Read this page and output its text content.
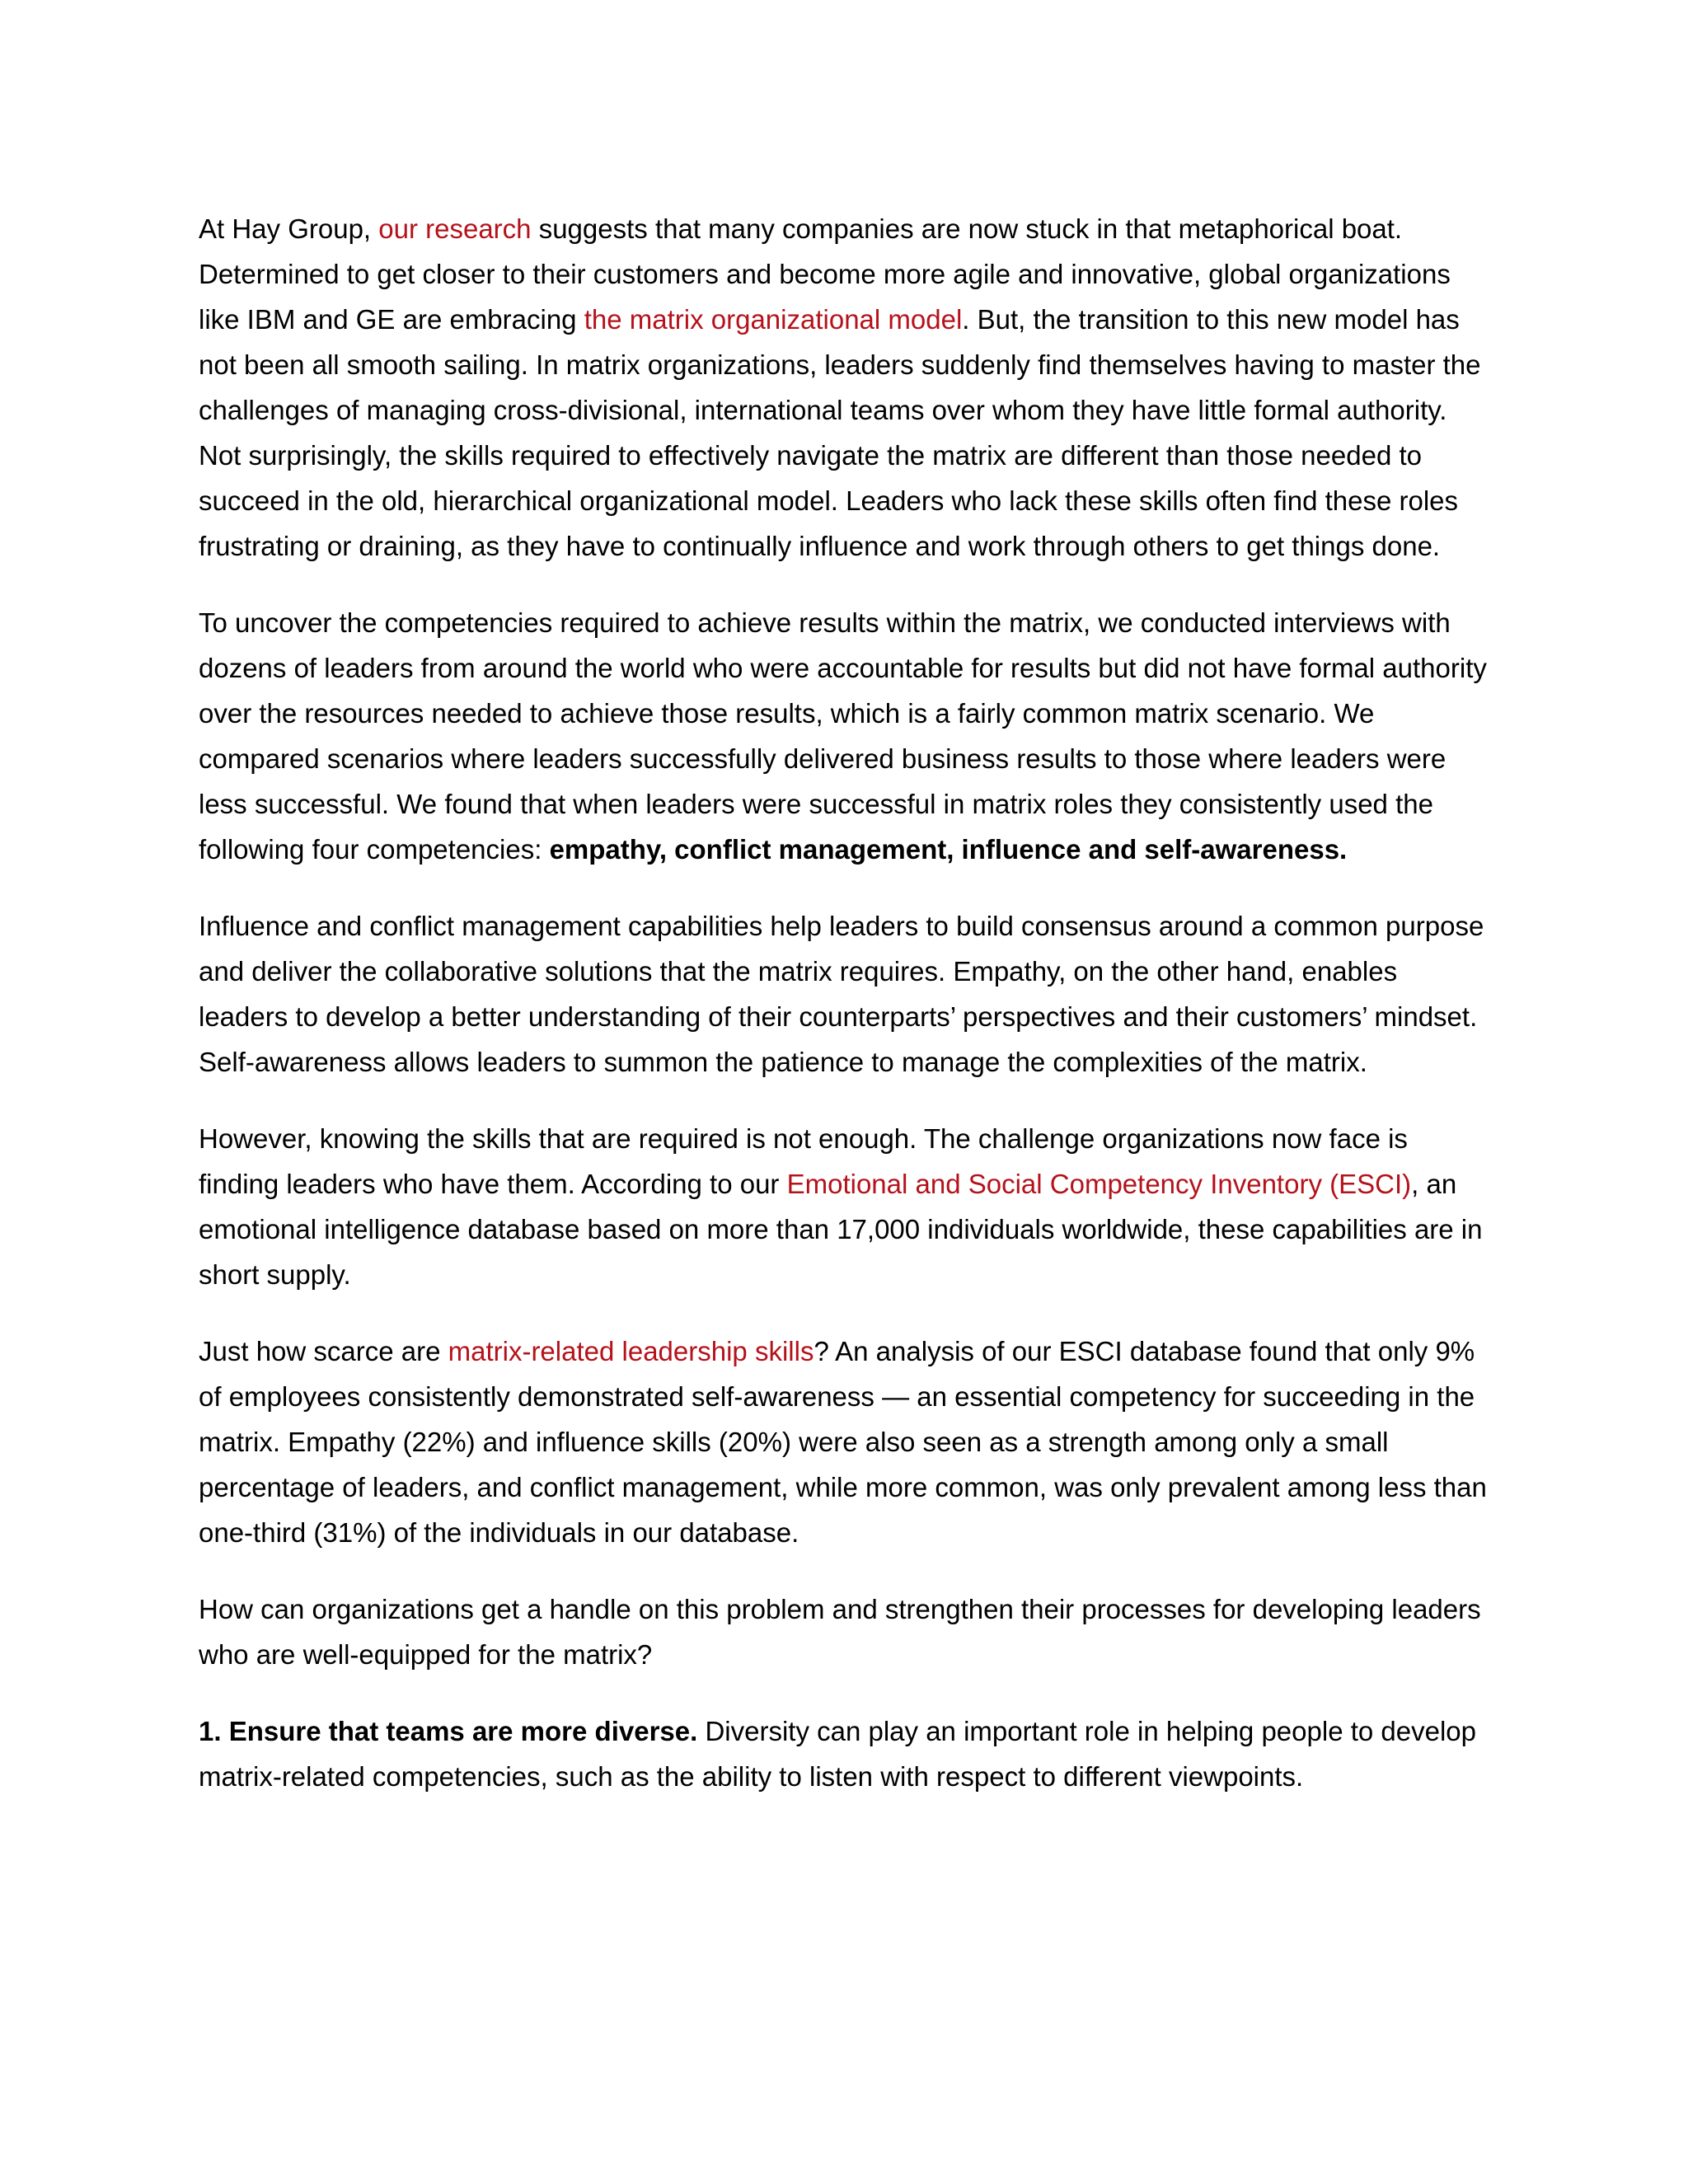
At Hay Group, our research suggests that many companies are now stuck in that metaphorical boat. Determined to get closer to their customers and become more agile and innovative, global organizations like IBM and GE are embracing the matrix organizational model. But, the transition to this new model has not been all smooth sailing. In matrix organizations, leaders suddenly find themselves having to master the challenges of managing cross-divisional, international teams over whom they have little formal authority. Not surprisingly, the skills required to effectively navigate the matrix are different than those needed to succeed in the old, hierarchical organizational model. Leaders who lack these skills often find these roles frustrating or draining, as they have to continually influence and work through others to get things done.

To uncover the competencies required to achieve results within the matrix, we conducted interviews with dozens of leaders from around the world who were accountable for results but did not have formal authority over the resources needed to achieve those results, which is a fairly common matrix scenario. We compared scenarios where leaders successfully delivered business results to those where leaders were less successful. We found that when leaders were successful in matrix roles they consistently used the following four competencies: empathy, conflict management, influence and self-awareness.

Influence and conflict management capabilities help leaders to build consensus around a common purpose and deliver the collaborative solutions that the matrix requires. Empathy, on the other hand, enables leaders to develop a better understanding of their counterparts’ perspectives and their customers’ mindset. Self-awareness allows leaders to summon the patience to manage the complexities of the matrix.

However, knowing the skills that are required is not enough. The challenge organizations now face is finding leaders who have them. According to our Emotional and Social Competency Inventory (ESCI), an emotional intelligence database based on more than 17,000 individuals worldwide, these capabilities are in short supply.

Just how scarce are matrix-related leadership skills? An analysis of our ESCI database found that only 9% of employees consistently demonstrated self-awareness — an essential competency for succeeding in the matrix. Empathy (22%) and influence skills (20%) were also seen as a strength among only a small percentage of leaders, and conflict management, while more common, was only prevalent among less than one-third (31%) of the individuals in our database.

How can organizations get a handle on this problem and strengthen their processes for developing leaders who are well-equipped for the matrix?

1. Ensure that teams are more diverse. Diversity can play an important role in helping people to develop matrix-related competencies, such as the ability to listen with respect to different viewpoints.
